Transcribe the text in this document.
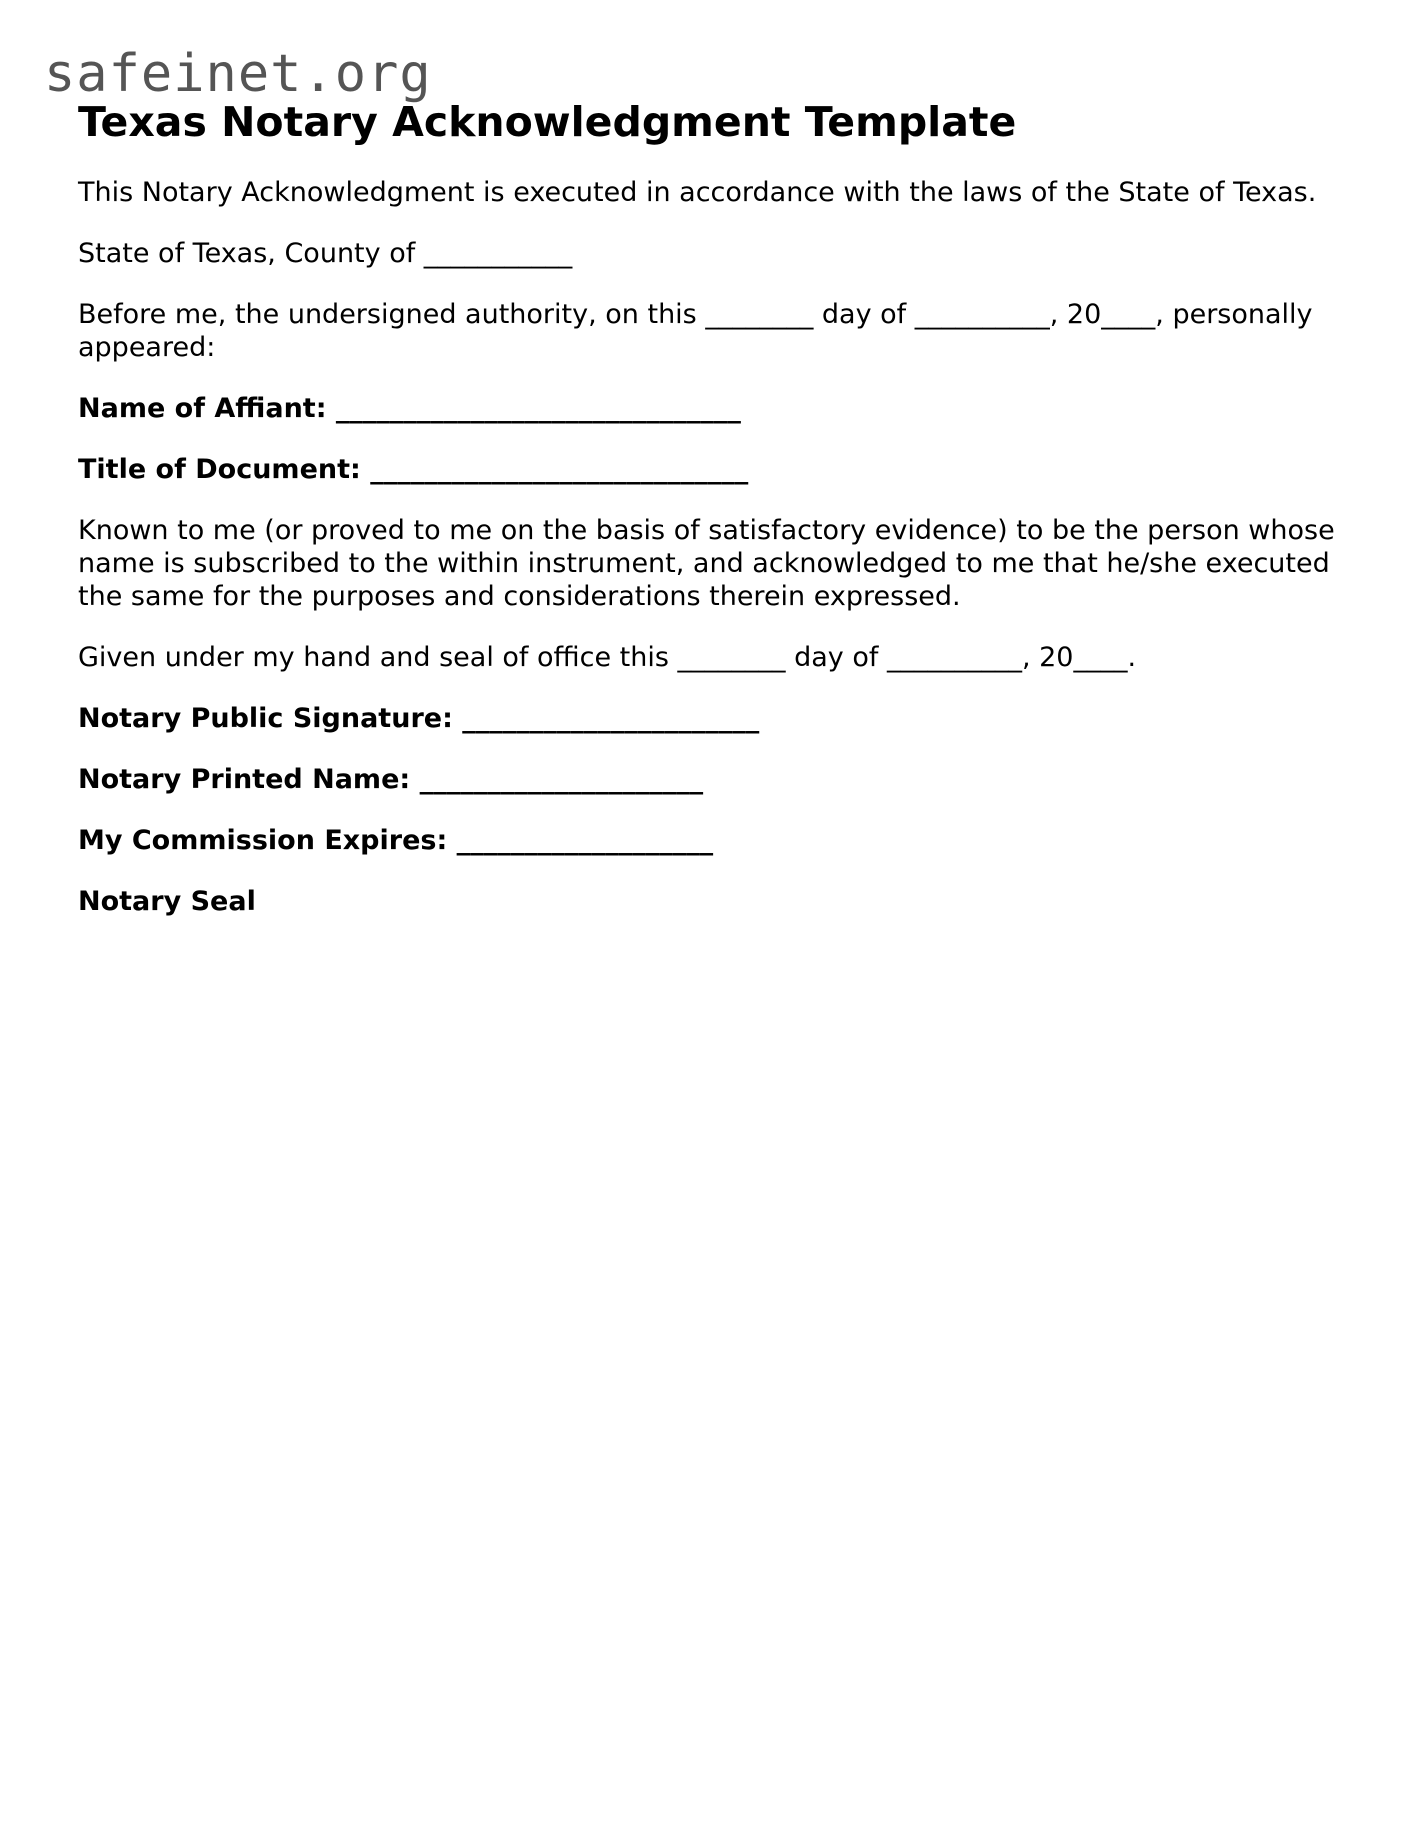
safeinet.org
Texas Notary Acknowledgment Template

This Notary Acknowledgment is executed in accordance with the laws of the State of Texas.

State of Texas, County of ___________

Before me, the undersigned authority, on this ________ day of __________, 20____, personally appeared:

Name of Affiant: ______________________________

Title of Document: ____________________________

Known to me (or proved to me on the basis of satisfactory evidence) to be the person whose name is subscribed to the within instrument, and acknowledged to me that he/she executed the same for the purposes and considerations therein expressed.

Given under my hand and seal of office this ________ day of __________, 20____.

Notary Public Signature: ______________________

Notary Printed Name: _____________________

My Commission Expires: ___________________

Notary Seal
